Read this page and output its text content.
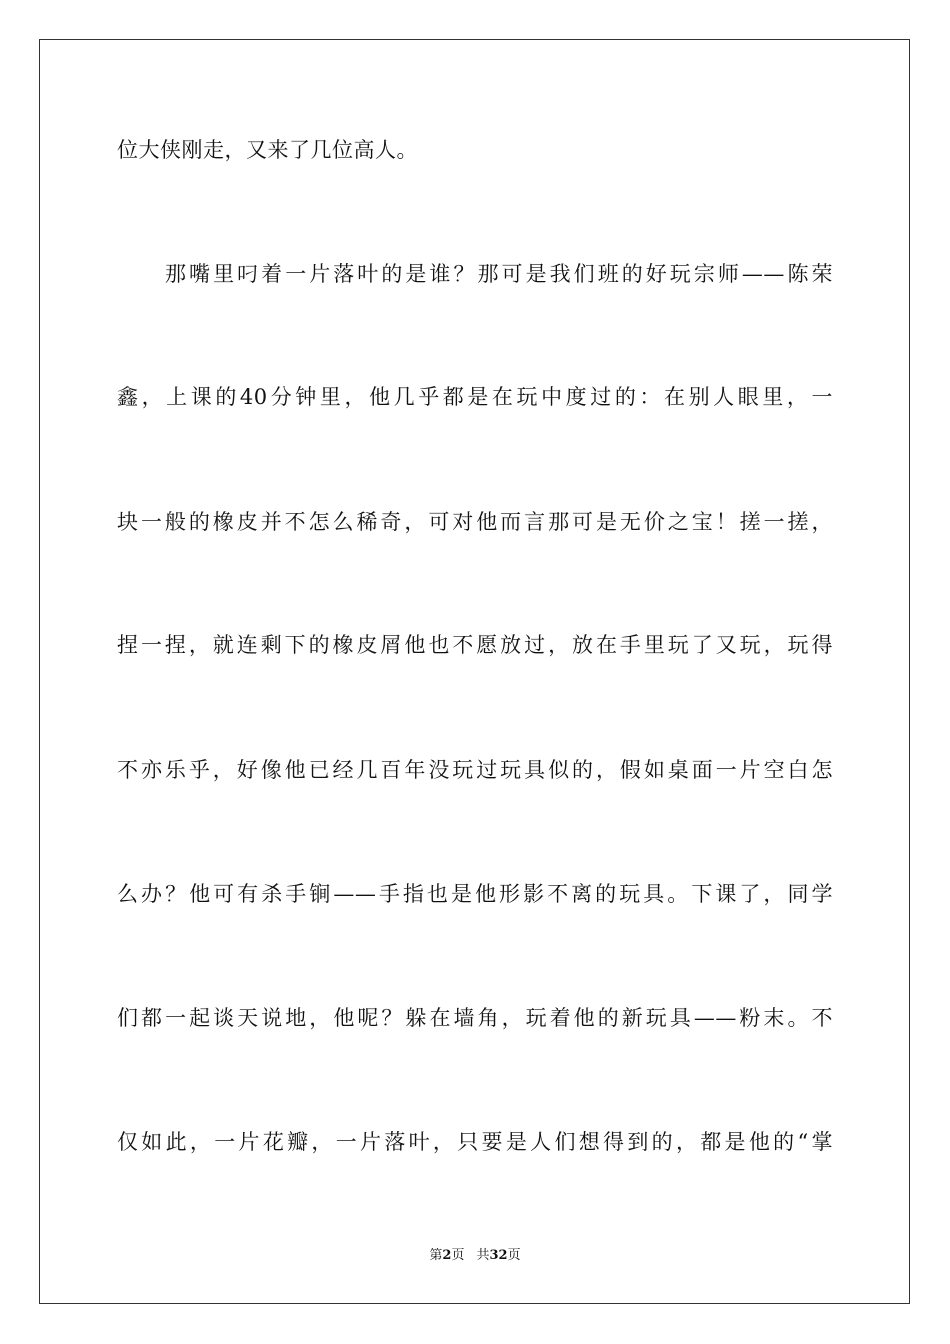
位大侠刚走，又来了几位高人。
那嘴里叼着一片落叶的是谁？那可是我们班的好玩宗师——陈荣
鑫，上课的40分钟里，他几乎都是在玩中度过的：在别人眼里，一
块一般的橡皮并不怎么稀奇，可对他而言那可是无价之宝！搓一搓，
捏一捏，就连剩下的橡皮屑他也不愿放过，放在手里玩了又玩，玩得
不亦乐乎，好像他已经几百年没玩过玩具似的，假如桌面一片空白怎
么办？他可有杀手锏——手指也是他形影不离的玩具。下课了，同学
们都一起谈天说地，他呢？躲在墙角，玩着他的新玩具——粉末。不
仅如此，一片花瓣，一片落叶，只要是人们想得到的，都是他的“掌
第2页 共32页
